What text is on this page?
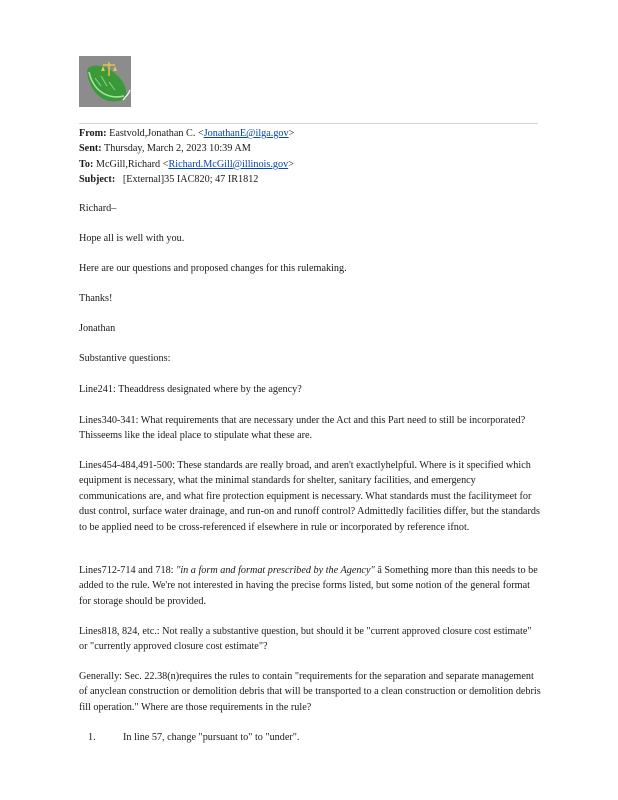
From: Eastvold,Jonathan C. <JonathanE@ilga.gov>
Sent: Thursday, March 2, 2023 10:39 AM
To: McGill,Richard <Richard.McGill@illinois.gov>
Subject: [External]35 IAC820; 47 IR1812
Richard–
Hope all is well with you.
Here are our questions and proposed changes for this rulemaking.
Thanks!
Jonathan
Substantive questions:
Line241: Theaddress designated where by the agency?
Lines340-341: What requirements that are necessary under the Act and this Part need to still be incorporated? Thisseems like the ideal place to stipulate what these are.
Lines454-484,491-500: These standards are really broad, and aren't exactlyhelpful. Where is it specified which equipment is necessary, what the minimal standards for shelter, sanitary facilities, and emergency communications are, and what fire protection equipment is necessary. What standards must the facilitymeet for dust control, surface water drainage, and run-on and runoff control? Admittedly facilities differ, but the standards to be applied need to be cross-referenced if elsewhere in rule or incorporated by reference ifnot.
Lines712-714 and 718: "in a form and format prescribed by the Agency" â Something more than this needs to be added to the rule. We're not interested in having the precise forms listed, but some notion of the general format for storage should be provided.
Lines818, 824, etc.: Not really a substantive question, but should it be "current approved closure cost estimate" or "currently approved closure cost estimate"?
Generally: Sec. 22.38(n)requires the rules to contain "requirements for the separation and separate management of anyclean construction or demolition debris that will be transported to a clean construction or demolition debris fill operation." Where are those requirements in the rule?
1.	In line 57, change "pursuant to" to "under".
